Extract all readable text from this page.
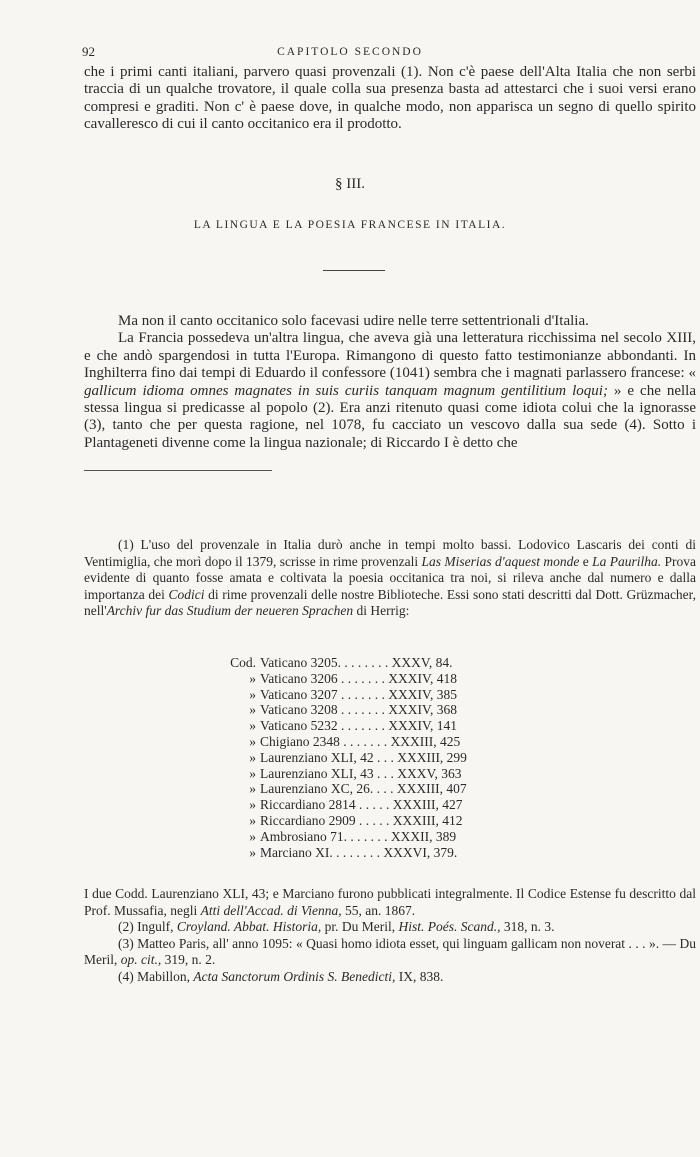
92	CAPITOLO SECONDO

che i primi canti italiani, parvero quasi provenzali (1). Non c'è paese dell'Alta Italia che non serbi traccia di un qualche trovatore, il quale colla sua presenza basta ad attestarci che i suoi versi erano compresi e graditi. Non c' è paese dove, in qualche modo, non apparisca un segno di quello spirito cavalleresco di cui il canto occitanico era il prodotto.

§ III.
LA LINGUA E LA POESIA FRANCESE IN ITALIA.

Ma non il canto occitanico solo facevasi udire nelle terre settentrionali d'Italia.

La Francia possedeva un'altra lingua, che aveva già una letteratura ricchissima nel secolo XIII, e che andò spargendosi in tutta l'Europa. Rimangono di questo fatto testimonianze abbondanti. In Inghilterra fino dai tempi di Eduardo il confessore (1041) sembra che i magnati parlassero francese: « gallicum idioma omnes magnates in suis curiis tanquam magnum gentilitium loqui; » e che nella stessa lingua si predicasse al popolo (2). Era anzi ritenuto quasi come idiota colui che la ignorasse (3), tanto che per questa ragione, nel 1078, fu cacciato un vescovo dalla sua sede (4). Sotto i Plantageneti divenne come la lingua nazionale; di Riccardo I è detto che

(1) L'uso del provenzale in Italia durò anche in tempi molto bassi. Lodovico Lascaris dei conti di Ventimiglia, che morì dopo il 1379, scrisse in rime provenzali Las Miserias d'aquest monde e La Paurilha. Prova evidente di quanto fosse amata e coltivata la poesia occitanica tra noi, si rileva anche dal numero e dalla importanza dei Codici di rime provenzali delle nostre Biblioteche. Essi sono stati descritti dal Dott. Grüzmacher, nell'Archiv fur das Studium der neueren Sprachen di Herrig:

Cod. Vaticano 3205. . . . . . . . XXXV, 84.
» Vaticano 3206 . . . . . . . XXXIV, 418
» Vaticano 3207 . . . . . . . XXXIV, 385
» Vaticano 3208 . . . . . . . XXXIV, 368
» Vaticano 5232 . . . . . . . XXXIV, 141
» Chigiano 2348 . . . . . . . XXXIII, 425
» Laurenziano XLI, 42 . . . XXXIII, 299
» Laurenziano XLI, 43 . . . XXXV, 363
» Laurenziano XC, 26. . . . XXXIII, 407
» Riccardiano 2814 . . . . . XXXIII, 427
» Riccardiano 2909 . . . . . XXXIII, 412
» Ambrosiano 71. . . . . . . XXXII, 389
» Marciano XI. . . . . . . . XXXVI, 379.

I due Codd. Laurenziano XLI, 43; e Marciano furono pubblicati integralmente. Il Codice Estense fu descritto dal Prof. Mussafia, negli Atti dell'Accad. di Vienna, 55, an. 1867.

(2) Ingulf, Croyland. Abbat. Historia, pr. Du Meril, Hist. Poés. Scand., 318, n. 3.

(3) Matteo Paris, all' anno 1095: « Quasi homo idiota esset, qui linguam gallicam non noverat . . . ». — Du Meril, op. cit., 319, n. 2.

(4) Mabillon, Acta Sanctorum Ordinis S. Benedicti, IX, 838.
